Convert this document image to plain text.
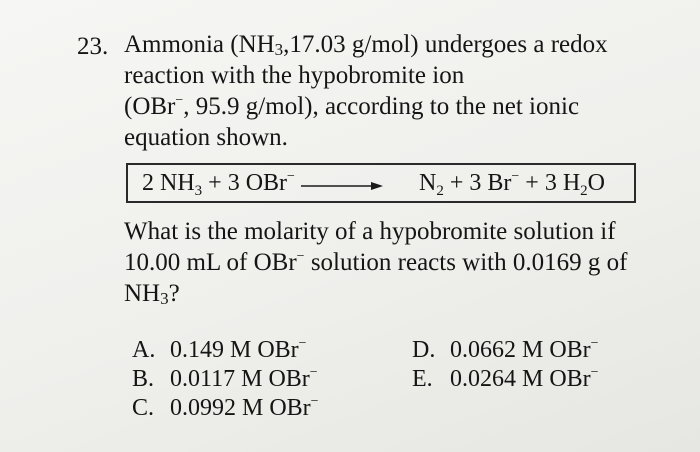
23. Ammonia ($NH_3,17.03$ g/mol) undergoes a redox
reaction with the hypobromite ion
(OBr−, 95.9 g/mol), according to the net ionic
equation shown.
2 $NH_3 + 3$ $OBr^- \to N_2 + 3$ Br− + 3 $H_2O$
What is the molarity of a hypobromite solution if
10.00 mL of OBr− solution reacts with 0.0169 g of
$NH_3$?
A. 0.149 M OBr−
B. 0.0117 M OBr−
C. 0.0992 M OBr−
D. 0.0662 M OBr−
E. 0.0264 M OBr−
